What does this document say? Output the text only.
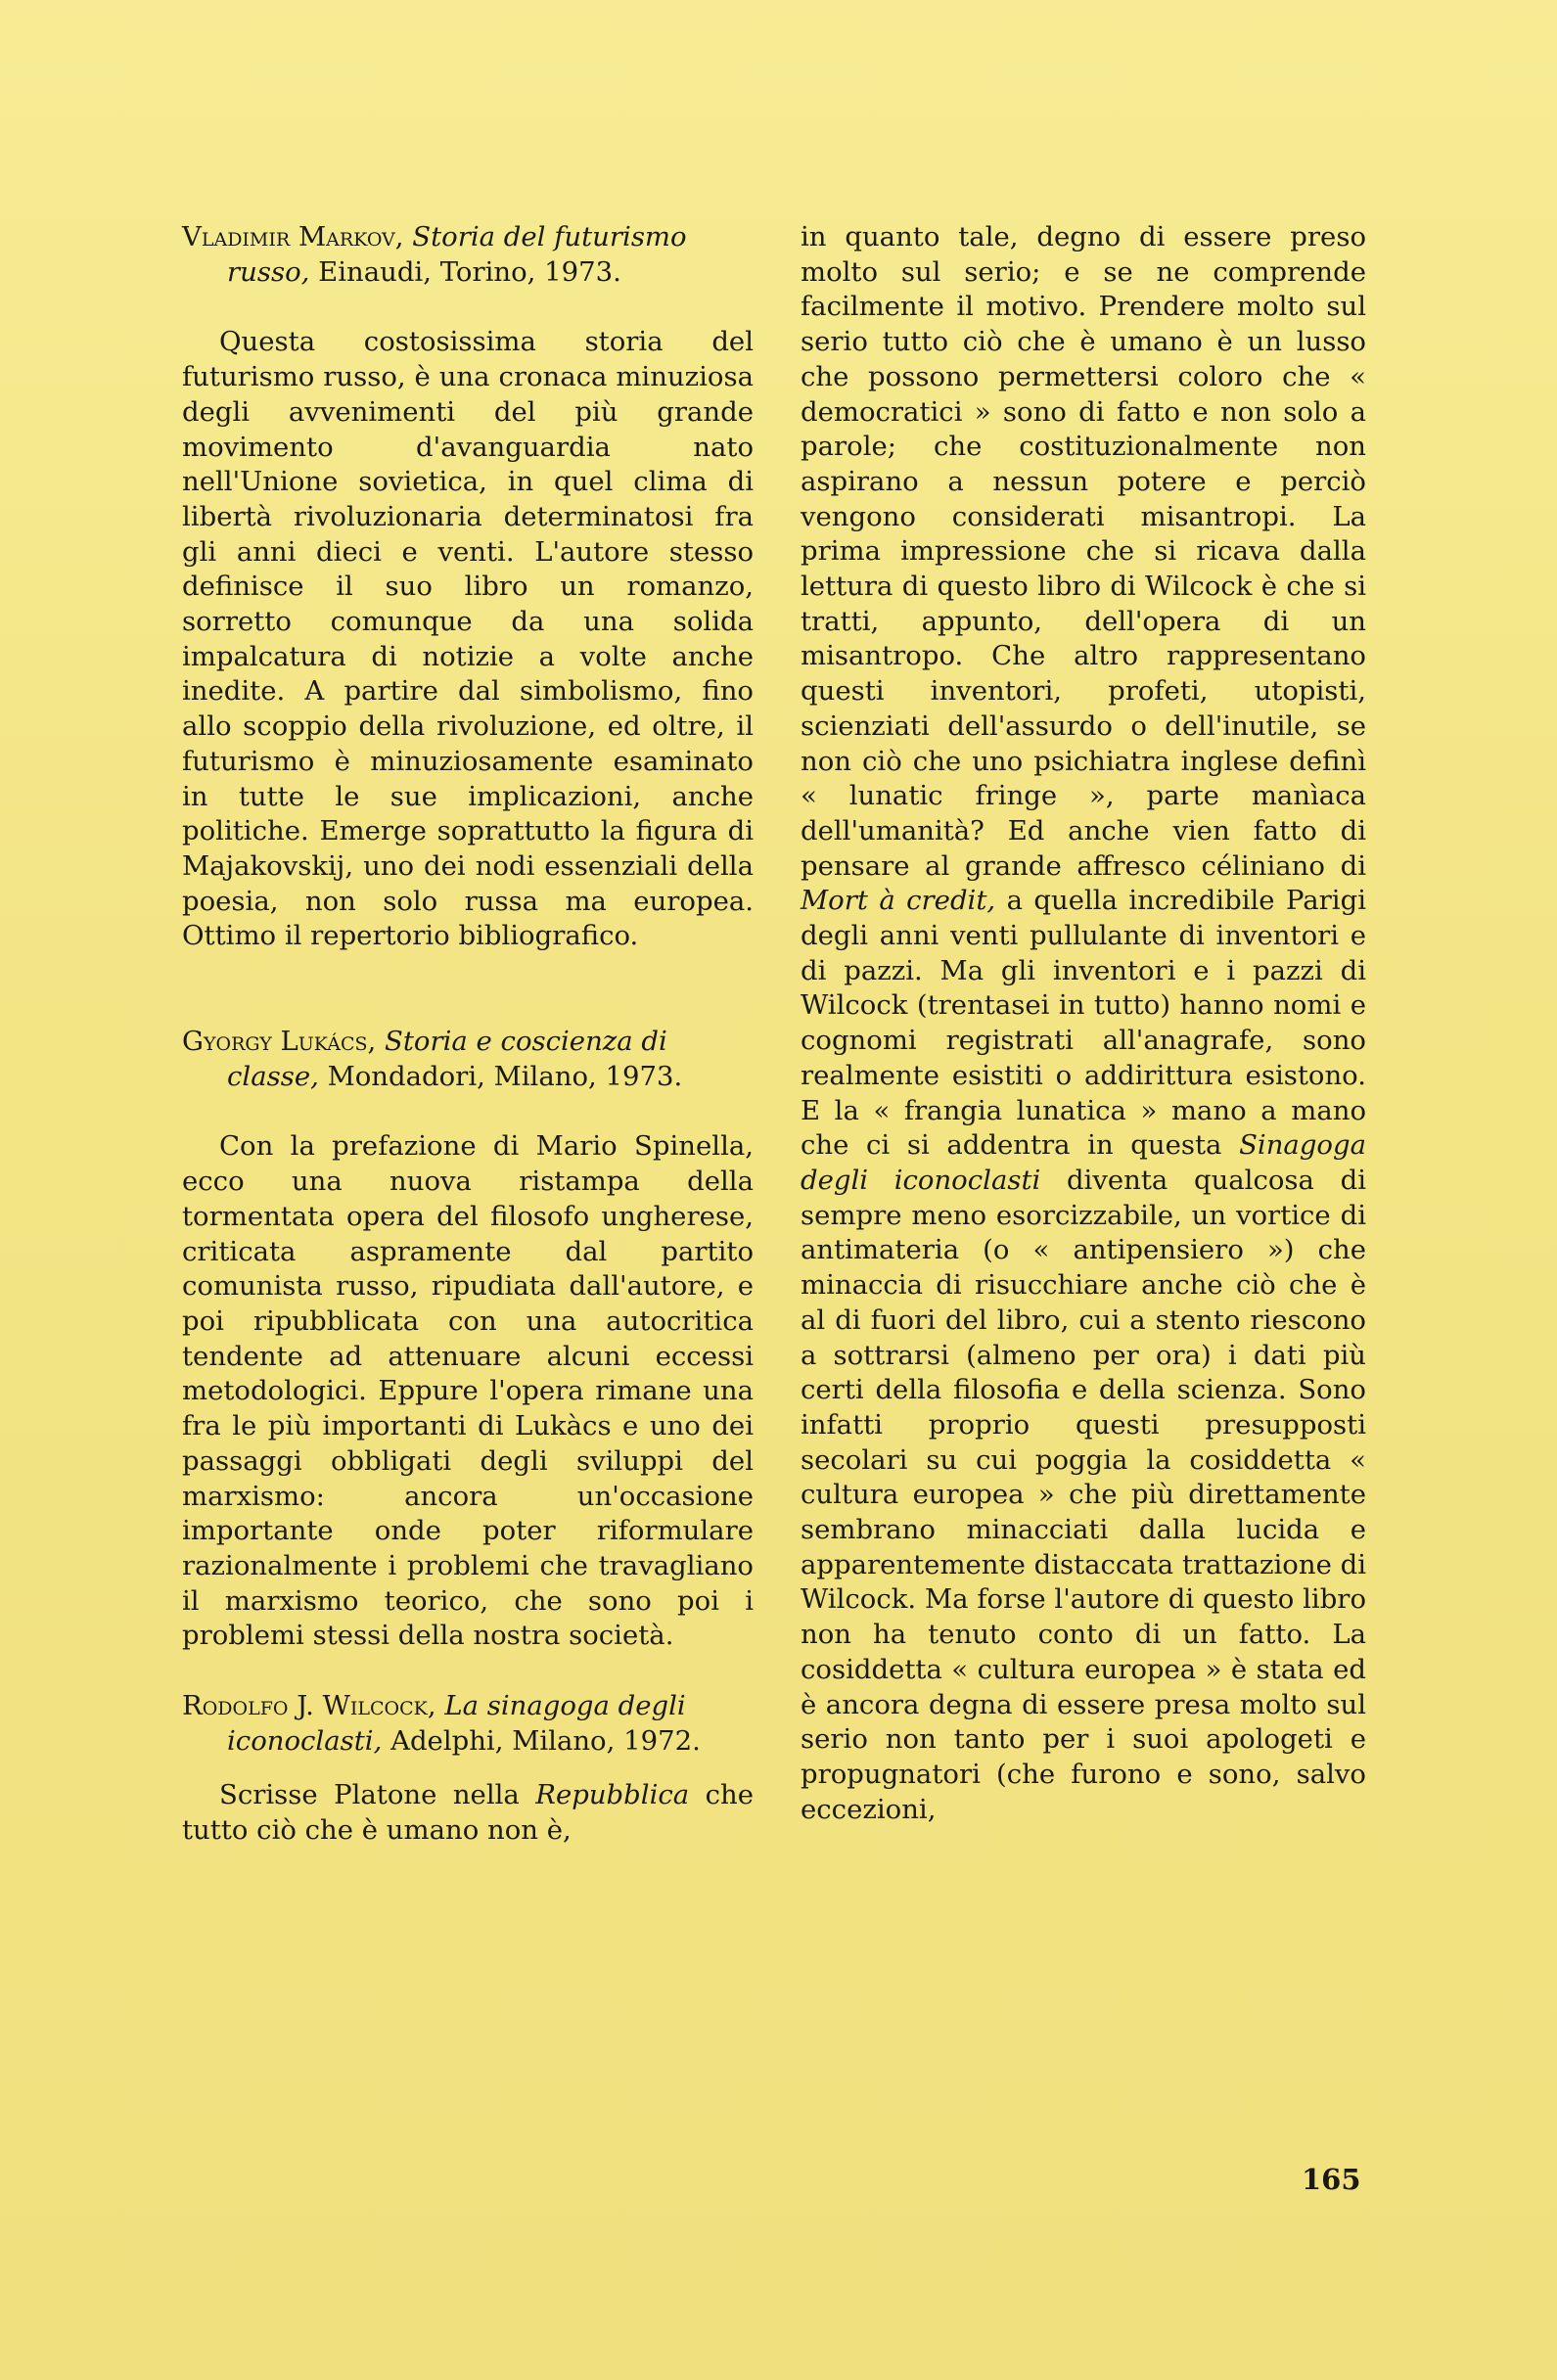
Vladimir Markov, Storia del futurismo russo, Einaudi, Torino, 1973.

Questa costosissima storia del futurismo russo, è una cronaca minuziosa degli avvenimenti del più grande movimento d'avanguardia nato nell'Unione sovietica, in quel clima di libertà rivoluzionaria determinatosi fra gli anni dieci e venti. L'autore stesso definisce il suo libro un romanzo, sorretto comunque da una solida impalcatura di notizie a volte anche inedite. A partire dal simbolismo, fino allo scoppio della rivoluzione, ed oltre, il futurismo è minuziosamente esaminato in tutte le sue implicazioni, anche politiche. Emerge soprattutto la figura di Majakovskij, uno dei nodi essenziali della poesia, non solo russa ma europea. Ottimo il repertorio bibliografico.

Gyorgy Lukács, Storia e coscienza di classe, Mondadori, Milano, 1973.

Con la prefazione di Mario Spinella, ecco una nuova ristampa della tormentata opera del filosofo ungherese, criticata aspramente dal partito comunista russo, ripudiata dall'autore, e poi ripubblicata con una autocritica tendente ad attenuare alcuni eccessi metodologici. Eppure l'opera rimane una fra le più importanti di Lukàcs e uno dei passaggi obbligati degli sviluppi del marxismo: ancora un'occasione importante onde poter riformulare razionalmente i problemi che travagliano il marxismo teorico, che sono poi i problemi stessi della nostra società.

Rodolfo J. Wilcock, La sinagoga degli iconoclasti, Adelphi, Milano, 1972.

Scrisse Platone nella Repubblica che tutto ciò che è umano non è,

in quanto tale, degno di essere preso molto sul serio; e se ne comprende facilmente il motivo. Prendere molto sul serio tutto ciò che è umano è un lusso che possono permettersi coloro che « democratici » sono di fatto e non solo a parole; che costituzionalmente non aspirano a nessun potere e perciò vengono considerati misantropi. La prima impressione che si ricava dalla lettura di questo libro di Wilcock è che si tratti, appunto, dell'opera di un misantropo. Che altro rappresentano questi inventori, profeti, utopisti, scienziati dell'assurdo o dell'inutile, se non ciò che uno psichiatra inglese definì « lunatic fringe », parte manìaca dell'umanità? Ed anche vien fatto di pensare al grande affresco céliniano di Mort à credit, a quella incredibile Parigi degli anni venti pullulante di inventori e di pazzi. Ma gli inventori e i pazzi di Wilcock (trentasei in tutto) hanno nomi e cognomi registrati all'anagrafe, sono realmente esistiti o addirittura esistono. E la « frangia lunatica » mano a mano che ci si addentra in questa Sinagoga degli iconoclasti diventa qualcosa di sempre meno esorcizzabile, un vortice di antimateria (o « antipensiero ») che minaccia di risucchiare anche ciò che è al di fuori del libro, cui a stento riescono a sottrarsi (almeno per ora) i dati più certi della filosofia e della scienza. Sono infatti proprio questi presupposti secolari su cui poggia la cosiddetta « cultura europea » che più direttamente sembrano minacciati dalla lucida e apparentemente distaccata trattazione di Wilcock. Ma forse l'autore di questo libro non ha tenuto conto di un fatto. La cosiddetta « cultura europea » è stata ed è ancora degna di essere presa molto sul serio non tanto per i suoi apologeti e propugnatori (che furono e sono, salvo eccezioni,

165
